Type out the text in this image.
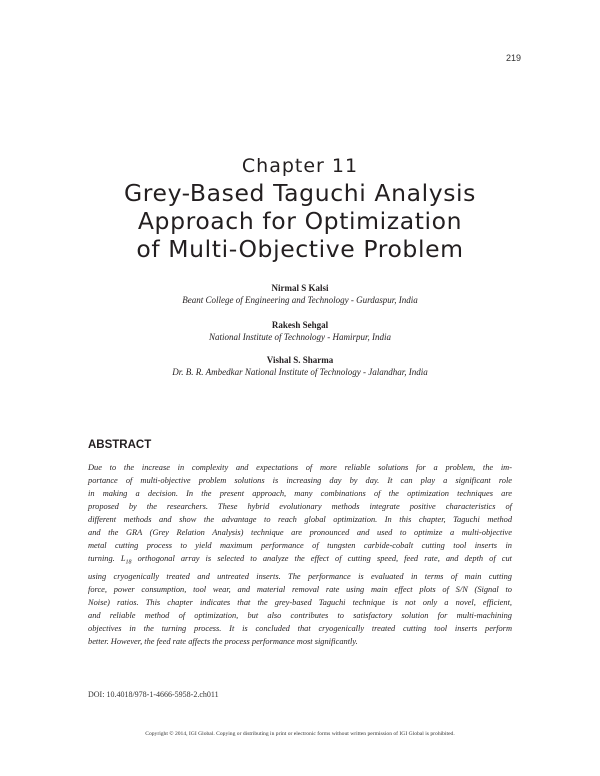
219
Chapter 11
Grey-Based Taguchi Analysis
Approach for Optimization
of Multi-Objective Problem
Nirmal S Kalsi
Beant College of Engineering and Technology - Gurdaspur, India
Rakesh Sehgal
National Institute of Technology - Hamirpur, India
Vishal S. Sharma
Dr. B. R. Ambedkar National Institute of Technology - Jalandhar, India
ABSTRACT
Due to the increase in complexity and expectations of more reliable solutions for a problem, the im-
portance of multi-objective problem solutions is increasing day by day. It can play a significant role
in making a decision. In the present approach, many combinations of the optimization techniques are
proposed by the researchers. These hybrid evolutionary methods integrate positive characteristics of
different methods and show the advantage to reach global optimization. In this chapter, Taguchi method
and the GRA (Grey Relation Analysis) technique are pronounced and used to optimize a multi-objective
metal cutting process to yield maximum performance of tungsten carbide-cobalt cutting tool inserts in
turning. $L_{18}$ orthogonal array is selected to analyze the effect of cutting speed, feed rate, and depth of cut
using cryogenically treated and untreated inserts. The performance is evaluated in terms of main cutting
force, power consumption, tool wear, and material removal rate using main effect plots of S/N (Signal to
Noise) ratios. This chapter indicates that the grey-based Taguchi technique is not only a novel, efficient,
and reliable method of optimization, but also contributes to satisfactory solution for multi-machining
objectives in the turning process. It is concluded that cryogenically treated cutting tool inserts perform
better. However, the feed rate affects the process performance most significantly.
DOI: 10.4018/978-1-4666-5958-2.ch011
Copyright © 2014, IGI Global. Copying or distributing in print or electronic forms without written permission of IGI Global is prohibited.
